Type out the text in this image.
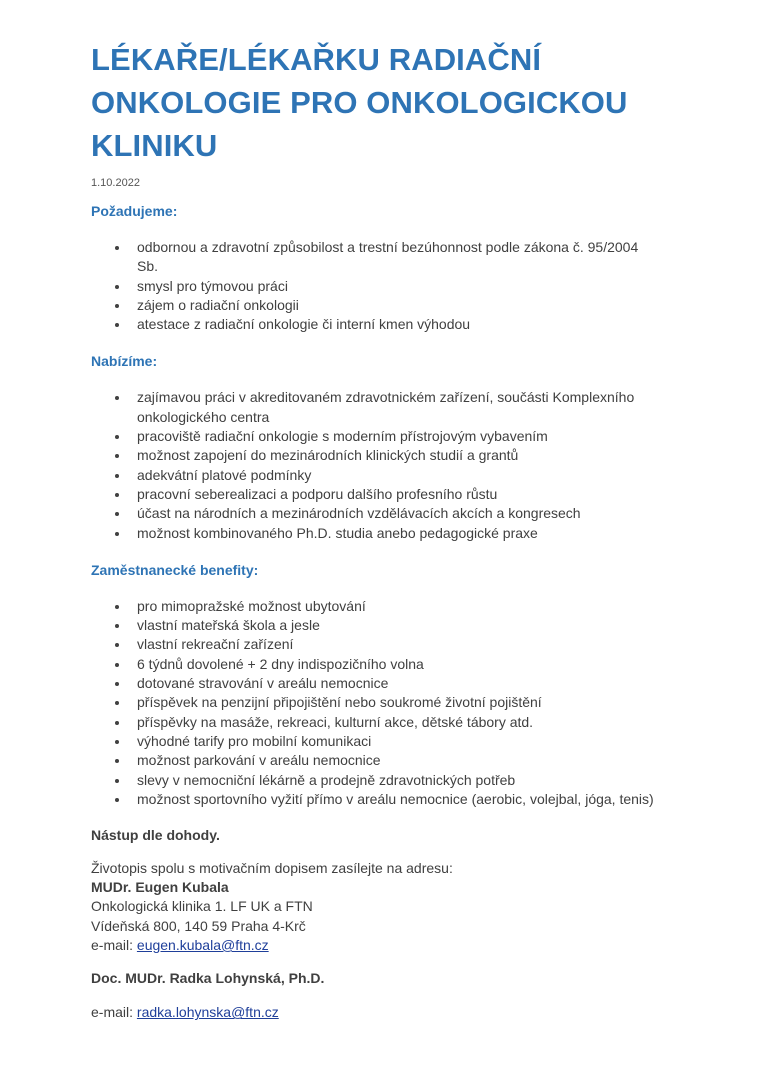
LÉKAŘE/LÉKAŘKU RADIAČNÍ ONKOLOGIE PRO ONKOLOGICKOU KLINIKU
1.10.2022
Požadujeme:
odbornou a zdravotní způsobilost a trestní bezúhonnost podle zákona č. 95/2004 Sb.
smysl pro týmovou práci
zájem o radiační onkologii
atestace z radiační onkologie či interní kmen výhodou
Nabízíme:
zajímavou práci v akreditovaném zdravotnickém zařízení, součásti Komplexního onkologického centra
pracoviště radiační onkologie s moderním přístrojovým vybavením
možnost zapojení do mezinárodních klinických studií a grantů
adekvátní platové podmínky
pracovní seberealizaci a podporu dalšího profesního růstu
účast na národních a mezinárodních vzdělávacích akcích a kongresech
možnost kombinovaného Ph.D. studia anebo pedagogické praxe
Zaměstnanecké benefity:
pro mimopražské možnost ubytování
vlastní mateřská škola a jesle
vlastní rekreační zařízení
6 týdnů dovolené + 2 dny indispozičního volna
dotované stravování v areálu nemocnice
příspěvek na penzijní připojištění nebo soukromé životní pojištění
příspěvky na masáže, rekreaci, kulturní akce, dětské tábory atd.
výhodné tarify pro mobilní komunikaci
možnost parkování v areálu nemocnice
slevy v nemocniční lékárně a prodejně zdravotnických potřeb
možnost sportovního vyžití přímo v areálu nemocnice (aerobic, volejbal, jóga, tenis)
Nástup dle dohody.
Životopis spolu s motivačním dopisem zasílejte na adresu:
MUDr. Eugen Kubala
Onkologická klinika 1. LF UK a FTN
Vídeňská 800, 140 59 Praha 4-Krč
e-mail: eugen.kubala@ftn.cz
Doc. MUDr. Radka Lohynská, Ph.D.
e-mail: radka.lohynska@ftn.cz
